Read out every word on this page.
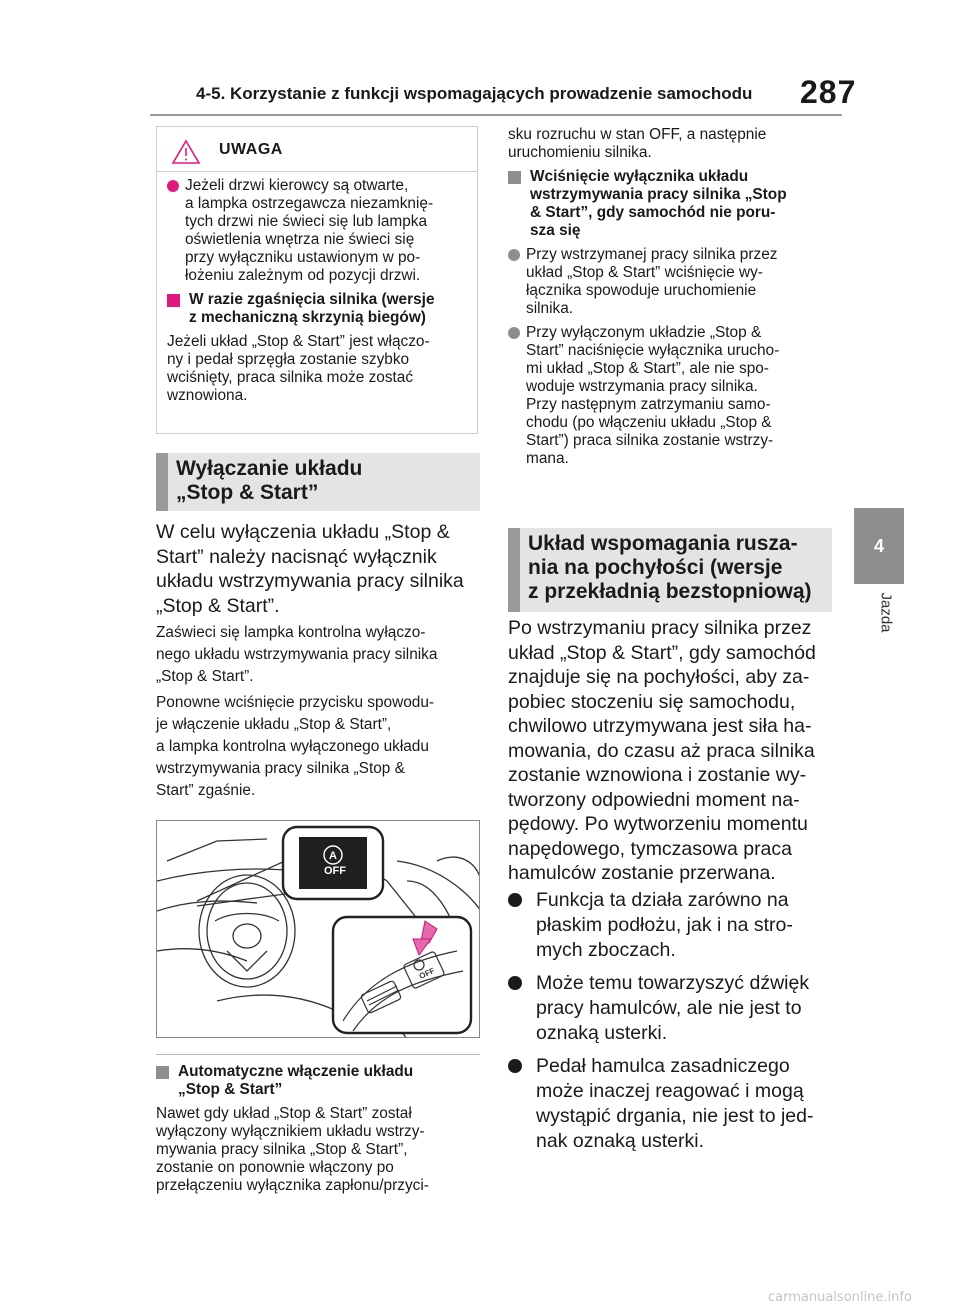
4-5. Korzystanie z funkcji wspomagających prowadzenie samochodu 287
4
Jazda
UWAGA
Jeżeli drzwi kierowcy są otwarte,
a lampka ostrzegawcza niezamknię-
tych drzwi nie świeci się lub lampka
oświetlenia wnętrza nie świeci się
przy wyłączniku ustawionym w po-
łożeniu zależnym od pozycji drzwi.
W razie zgaśnięcia silnika (wersje
z mechaniczną skrzynią biegów)
Jeżeli układ „Stop & Start” jest włączo-
ny i pedał sprzęgła zostanie szybko
wciśnięty, praca silnika może zostać
wznowiona.
Wyłączanie układu
„Stop & Start”
W celu wyłączenia układu „Stop &
Start” należy nacisnąć wyłącznik
układu wstrzymywania pracy silnika
„Stop & Start”.
Zaświeci się lampka kontrolna wyłączo-
nego układu wstrzymywania pracy silnika
„Stop & Start”.
Ponowne wciśnięcie przycisku spowodu-
je włączenie układu „Stop & Start”,
a lampka kontrolna wyłączonego układu
wstrzymywania pracy silnika „Stop &
Start” zgaśnie.
A
OFF
OFF
Automatyczne włączenie układu
„Stop & Start”
Nawet gdy układ „Stop & Start” został
wyłączony wyłącznikiem układu wstrzy-
mywania pracy silnika „Stop & Start”,
zostanie on ponownie włączony po
przełączeniu wyłącznika zapłonu/przyci-
sku rozruchu w stan OFF, a następnie
uruchomieniu silnika.
Wciśnięcie wyłącznika układu
wstrzymywania pracy silnika „Stop
& Start”, gdy samochód nie poru-
sza się
Przy wstrzymanej pracy silnika przez
układ „Stop & Start” wciśnięcie wy-
łącznika spowoduje uruchomienie
silnika.
Przy wyłączonym układzie „Stop &
Start” naciśnięcie wyłącznika urucho-
mi układ „Stop & Start”, ale nie spo-
woduje wstrzymania pracy silnika.
Przy następnym zatrzymaniu samo-
chodu (po włączeniu układu „Stop &
Start”) praca silnika zostanie wstrzy-
mana.
Układ wspomagania rusza-
nia na pochyłości (wersje
z przekładnią bezstopniową)
Po wstrzymaniu pracy silnika przez
układ „Stop & Start”, gdy samochód
znajduje się na pochyłości, aby za-
pobiec stoczeniu się samochodu,
chwilowo utrzymywana jest siła ha-
mowania, do czasu aż praca silnika
zostanie wznowiona i zostanie wy-
tworzony odpowiedni moment na-
pędowy. Po wytworzeniu momentu
napędowego, tymczasowa praca
hamulców zostanie przerwana.
Funkcja ta działa zarówno na
płaskim podłożu, jak i na stro-
mych zboczach.
Może temu towarzyszyć dźwięk
pracy hamulców, ale nie jest to
oznaką usterki.
Pedał hamulca zasadniczego
może inaczej reagować i mogą
wystąpić drgania, nie jest to jed-
nak oznaką usterki.
carmanualsonline.info
